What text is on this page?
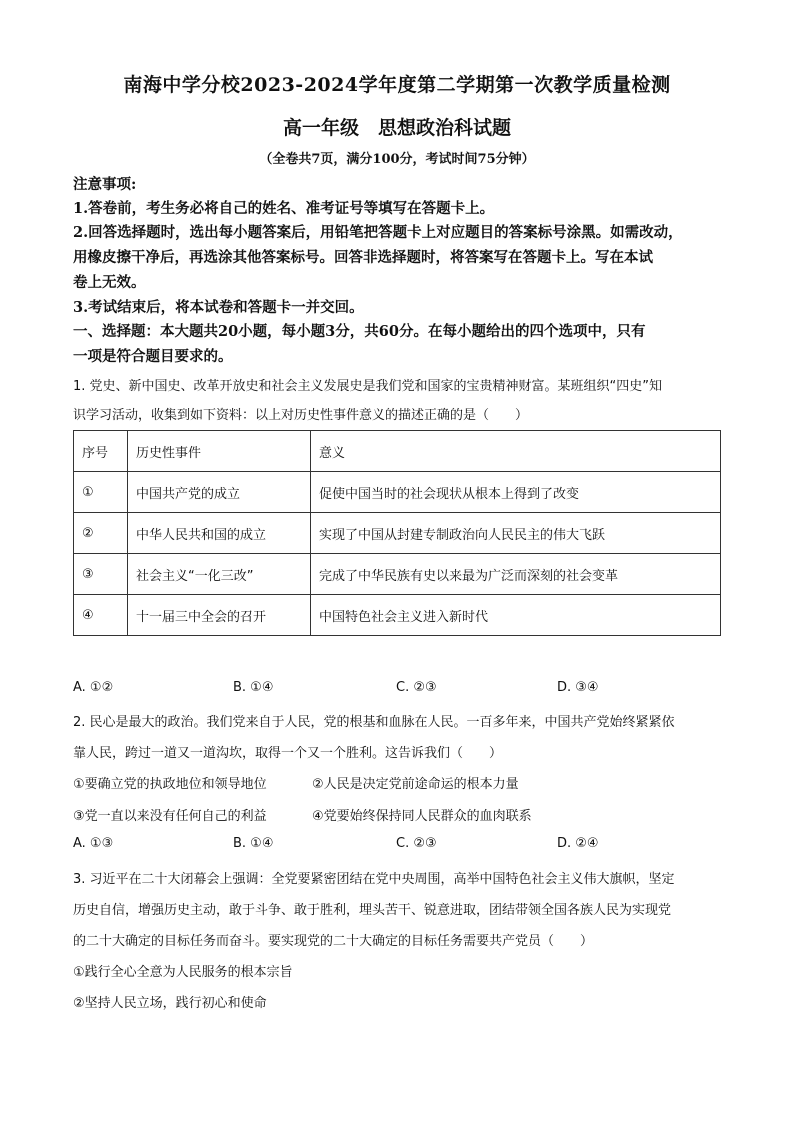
南海中学分校2023-2024学年度第二学期第一次教学质量检测
高一年级　思想政治科试题
（全卷共7页，满分100分，考试时间75分钟）
注意事项:
1.答卷前，考生务必将自己的姓名、准考证号等填写在答题卡上。
2.回答选择题时，选出每小题答案后，用铅笔把答题卡上对应题目的答案标号涂黑。如需改动，
用橡皮擦干净后，再选涂其他答案标号。回答非选择题时，将答案写在答题卡上。写在本试
卷上无效。
3.考试结束后，将本试卷和答题卡一并交回。
一、选择题：本大题共20小题，每小题3分，共60分。在每小题给出的四个选项中，只有
一项是符合题目要求的。
1. 党史、新中国史、改革开放史和社会主义发展史是我们党和国家的宝贵精神财富。某班组织“四史”知
识学习活动，收集到如下资料：以上对历史性事件意义的描述正确的是（　　）
序号	历史性事件	意义
①	中国共产党的成立	促使中国当时的社会现状从根本上得到了改变
②	中华人民共和国的成立	实现了中国从封建专制政治向人民民主的伟大飞跃
③	社会主义“一化三改”	完成了中华民族有史以来最为广泛而深刻的社会变革
④	十一届三中全会的召开	中国特色社会主义进入新时代
A. ①②	B. ①④	C. ②③	D. ③④
2. 民心是最大的政治。我们党来自于人民，党的根基和血脉在人民。一百多年来，中国共产党始终紧紧依
靠人民，跨过一道又一道沟坎，取得一个又一个胜利。这告诉我们（　　）
①要确立党的执政地位和领导地位	②人民是决定党前途命运的根本力量
③党一直以来没有任何自己的利益	④党要始终保持同人民群众的血肉联系
A. ①③	B. ①④	C. ②③	D. ②④
3. 习近平在二十大闭幕会上强调：全党要紧密团结在党中央周围，高举中国特色社会主义伟大旗帜，坚定
历史自信，增强历史主动，敢于斗争、敢于胜利，埋头苦干、锐意进取，团结带领全国各族人民为实现党
的二十大确定的目标任务而奋斗。要实现党的二十大确定的目标任务需要共产党员（　　）
①践行全心全意为人民服务的根本宗旨
②坚持人民立场，践行初心和使命
